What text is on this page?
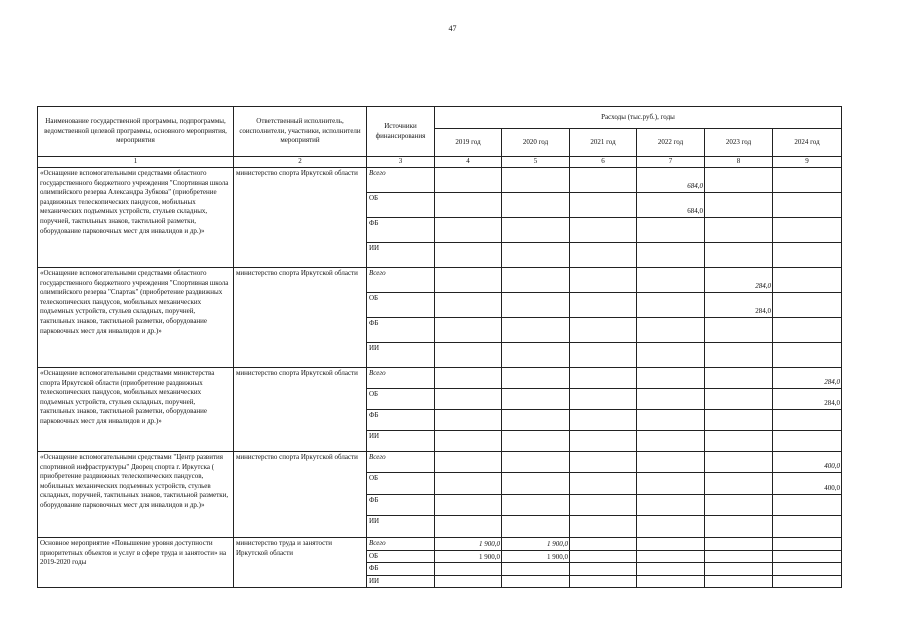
47
Наименование государственной программы, подпрограммы, ведомственной целевой программы, основного мероприятия, мероприятия	Ответственный исполнитель, соисполнители, участники, исполнители мероприятий	Источники финансирования	Расходы (тыс.руб.), годы					
			2019 год	2020 год	2021 год	2022 год	2023 год	2024 год
1	2	3	4	5	6	7	8	9
«Оснащение вспомогательными средствами областного государственного бюджетного учреждения "Спортивная школа олимпийского резерва Александра Зубкова" (приобретение раздвижных телескопических пандусов, мобильных механических подъемных устройств, стульев складных, поручней, тактильных знаков, тактильной разметки, оборудование парковочных мест для инвалидов и др.)»	министерство спорта Иркутской области	Всего				684,0		
		ОБ				684,0		
		ФБ						
		ИИ						
«Оснащение вспомогательными средствами областного государственного бюджетного учреждения "Спортивная школа олимпийского резерва "Спартак" (приобретение раздвижных телескопических пандусов, мобильных механических подъемных устройств, стульев складных, поручней, тактильных знаков, тактильной разметки, оборудование парковочных мест для инвалидов и др.)»	министерство спорта Иркутской области	Всего					284,0	
		ОБ					284,0	
		ФБ						
		ИИ						
«Оснащение вспомогательными средствами министерства спорта Иркутской области (приобретение раздвижных телескопических пандусов, мобильных механических подъемных устройств, стульев складных, поручней, тактильных знаков, тактильной разметки, оборудование парковочных мест для инвалидов и др.)»	министерство спорта Иркутской области	Всего						284,0
		ОБ						284,0
		ФБ						
		ИИ						
«Оснащение вспомогательными средствами "Центр развития спортивной инфраструктуры" Дворец спорта г. Иркутска ( приобретение раздвижных телескопических пандусов, мобильных механических подъемных устройств, стульев складных, поручней, тактильных знаков, тактильной разметки, оборудование парковочных мест для инвалидов и др.)»	министерство спорта Иркутской области	Всего						400,0
		ОБ						400,0
		ФБ						
		ИИ						
Основное мероприятие «Повышение уровня доступности приоритетных объектов и услуг в сфере труда и занятости» на 2019-2020 годы	министерство труда и занятости Иркутской области	Всего	1 900,0	1 900,0				
		ОБ	1 900,0	1 900,0				
		ФБ						
		ИИ						
